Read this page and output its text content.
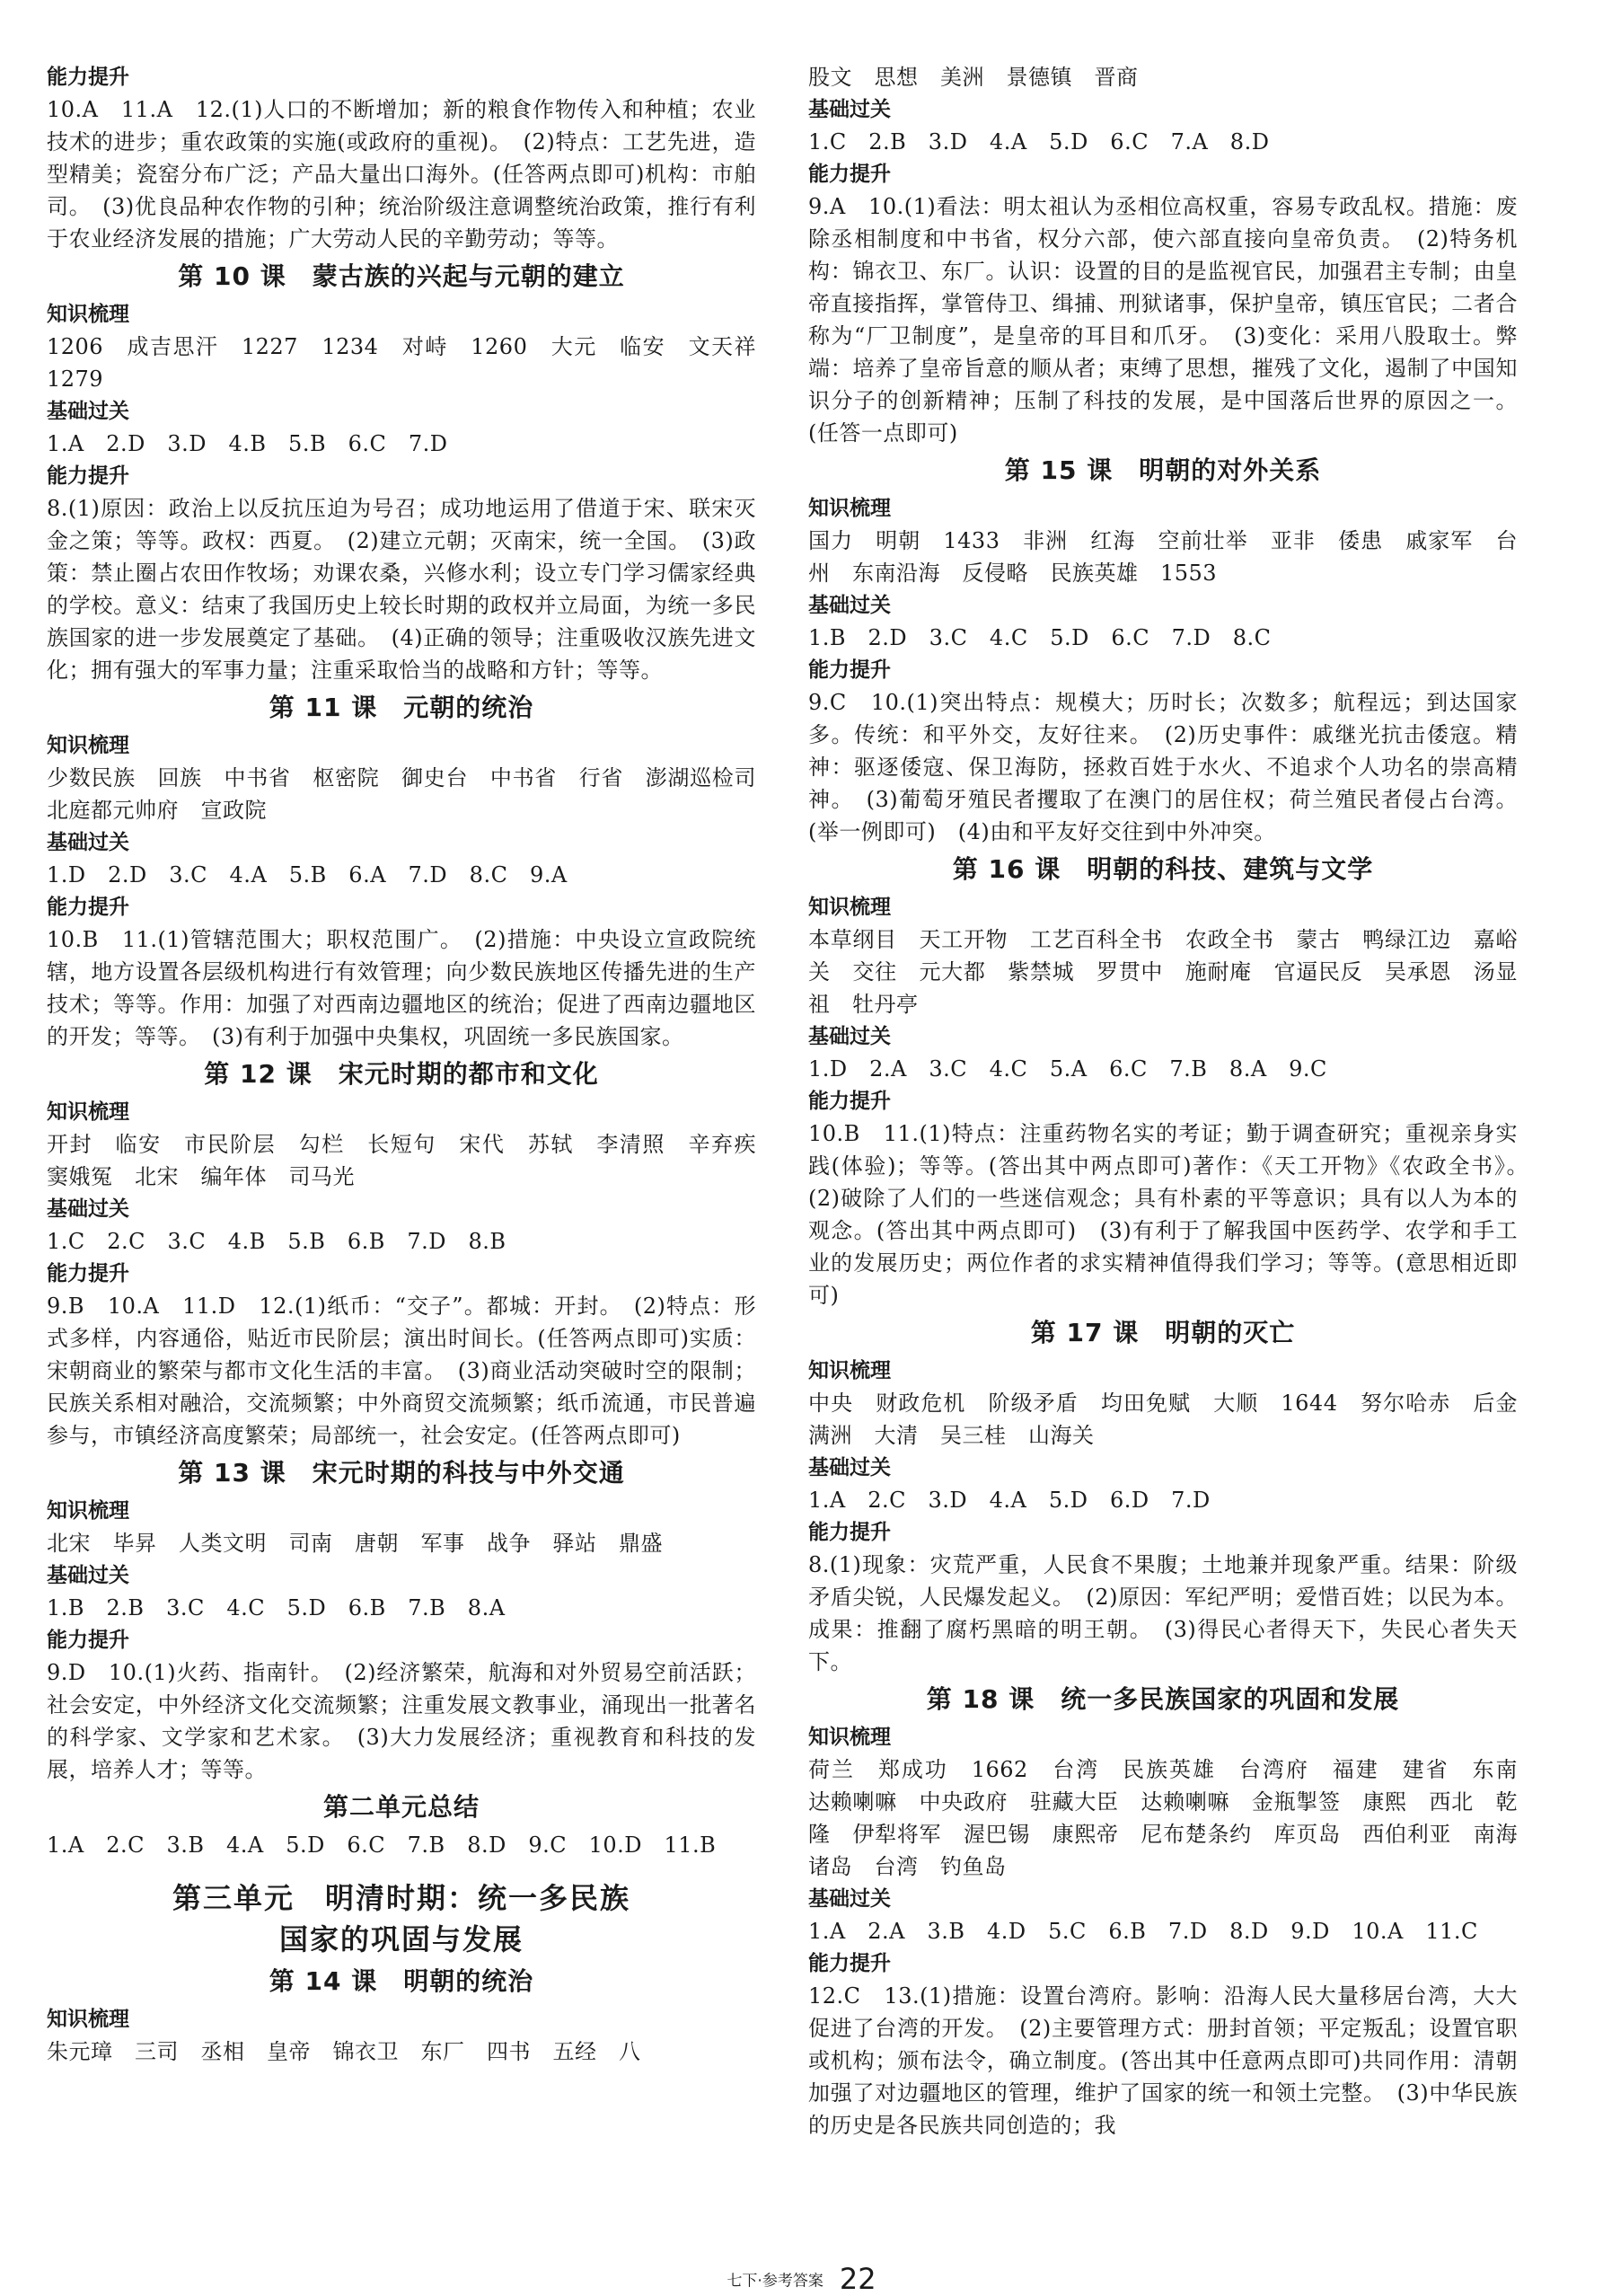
能力提升
10.A　11.A　12.(1)人口的不断增加；新的粮食作物传入和种植；农业技术的进步；重农政策的实施(或政府的重视)。　(2)特点：工艺先进，造型精美；瓷窑分布广泛；产品大量出口海外。(任答两点即可)机构：市舶司。　(3)优良品种农作物的引种；统治阶级注意调整统治政策，推行有利于农业经济发展的措施；广大劳动人民的辛勤劳动；等等。
第 10 课　蒙古族的兴起与元朝的建立
知识梳理
1206　成吉思汗　1227　1234　对峙　1260　大元　临安　文天祥　1279
基础过关
1.A　2.D　3.D　4.B　5.B　6.C　7.D
能力提升
8.(1)原因：政治上以反抗压迫为号召；成功地运用了借道于宋、联宋灭金之策；等等。政权：西夏。　(2)建立元朝；灭南宋，统一全国。　(3)政策：禁止圈占农田作牧场；劝课农桑，兴修水利；设立专门学习儒家经典的学校。意义：结束了我国历史上较长时期的政权并立局面，为统一多民族国家的进一步发展奠定了基础。　(4)正确的领导；注重吸收汉族先进文化；拥有强大的军事力量；注重采取恰当的战略和方针；等等。
第 11 课　元朝的统治
知识梳理
少数民族　回族　中书省　枢密院　御史台　中书省　行省　澎湖巡检司　北庭都元帅府　宣政院
基础过关
1.D　2.D　3.C　4.A　5.B　6.A　7.D　8.C　9.A
能力提升
10.B　11.(1)管辖范围大；职权范围广。　(2)措施：中央设立宣政院统辖，地方设置各层级机构进行有效管理；向少数民族地区传播先进的生产技术；等等。作用：加强了对西南边疆地区的统治；促进了西南边疆地区的开发；等等。　(3)有利于加强中央集权，巩固统一多民族国家。
第 12 课　宋元时期的都市和文化
知识梳理
开封　临安　市民阶层　勾栏　长短句　宋代　苏轼　李清照　辛弃疾　窦娥冤　北宋　编年体　司马光
基础过关
1.C　2.C　3.C　4.B　5.B　6.B　7.D　8.B
能力提升
9.B　10.A　11.D　12.(1)纸币：“交子”。都城：开封。　(2)特点：形式多样，内容通俗，贴近市民阶层；演出时间长。(任答两点即可)实质：宋朝商业的繁荣与都市文化生活的丰富。　(3)商业活动突破时空的限制；民族关系相对融洽，交流频繁；中外商贸交流频繁；纸币流通，市民普遍参与，市镇经济高度繁荣；局部统一，社会安定。(任答两点即可)
第 13 课　宋元时期的科技与中外交通
知识梳理
北宋　毕昇　人类文明　司南　唐朝　军事　战争　驿站　鼎盛
基础过关
1.B　2.B　3.C　4.C　5.D　6.B　7.B　8.A
能力提升
9.D　10.(1)火药、指南针。　(2)经济繁荣，航海和对外贸易空前活跃；社会安定，中外经济文化交流频繁；注重发展文教事业，涌现出一批著名的科学家、文学家和艺术家。　(3)大力发展经济；重视教育和科技的发展，培养人才；等等。
第二单元总结
1.A　2.C　3.B　4.A　5.D　6.C　7.B　8.D　9.C　10.D　11.B
第三单元　明清时期：统一多民族
国家的巩固与发展
第 14 课　明朝的统治
知识梳理
朱元璋　三司　丞相　皇帝　锦衣卫　东厂　四书　五经　八
股文　思想　美洲　景德镇　晋商
基础过关
1.C　2.B　3.D　4.A　5.D　6.C　7.A　8.D
能力提升
9.A　10.(1)看法：明太祖认为丞相位高权重，容易专政乱权。措施：废除丞相制度和中书省，权分六部，使六部直接向皇帝负责。　(2)特务机构：锦衣卫、东厂。认识：设置的目的是监视官民，加强君主专制；由皇帝直接指挥，掌管侍卫、缉捕、刑狱诸事，保护皇帝，镇压官民；二者合称为“厂卫制度”，是皇帝的耳目和爪牙。　(3)变化：采用八股取士。弊端：培养了皇帝旨意的顺从者；束缚了思想，摧残了文化，遏制了中国知识分子的创新精神；压制了科技的发展，是中国落后世界的原因之一。(任答一点即可)
第 15 课　明朝的对外关系
知识梳理
国力　明朝　1433　非洲　红海　空前壮举　亚非　倭患　戚家军　台州　东南沿海　反侵略　民族英雄　1553
基础过关
1.B　2.D　3.C　4.C　5.D　6.C　7.D　8.C
能力提升
9.C　10.(1)突出特点：规模大；历时长；次数多；航程远；到达国家多。传统：和平外交，友好往来。　(2)历史事件：戚继光抗击倭寇。精神：驱逐倭寇、保卫海防，拯救百姓于水火、不追求个人功名的崇高精神。　(3)葡萄牙殖民者攫取了在澳门的居住权；荷兰殖民者侵占台湾。(举一例即可)　(4)由和平友好交往到中外冲突。
第 16 课　明朝的科技、建筑与文学
知识梳理
本草纲目　天工开物　工艺百科全书　农政全书　蒙古　鸭绿江边　嘉峪关　交往　元大都　紫禁城　罗贯中　施耐庵　官逼民反　吴承恩　汤显祖　牡丹亭
基础过关
1.D　2.A　3.C　4.C　5.A　6.C　7.B　8.A　9.C
能力提升
10.B　11.(1)特点：注重药物名实的考证；勤于调查研究；重视亲身实践(体验)；等等。(答出其中两点即可)著作：《天工开物》《农政全书》。　(2)破除了人们的一些迷信观念；具有朴素的平等意识；具有以人为本的观念。(答出其中两点即可)　(3)有利于了解我国中医药学、农学和手工业的发展历史；两位作者的求实精神值得我们学习；等等。(意思相近即可)
第 17 课　明朝的灭亡
知识梳理
中央　财政危机　阶级矛盾　均田免赋　大顺　1644　努尔哈赤　后金　满洲　大清　吴三桂　山海关
基础过关
1.A　2.C　3.D　4.A　5.D　6.D　7.D
能力提升
8.(1)现象：灾荒严重，人民食不果腹；土地兼并现象严重。结果：阶级矛盾尖锐，人民爆发起义。　(2)原因：军纪严明；爱惜百姓；以民为本。成果：推翻了腐朽黑暗的明王朝。　(3)得民心者得天下，失民心者失天下。
第 18 课　统一多民族国家的巩固和发展
知识梳理
荷兰　郑成功　1662　台湾　民族英雄　台湾府　福建　建省　东南　达赖喇嘛　中央政府　驻藏大臣　达赖喇嘛　金瓶掣签　康熙　西北　乾隆　伊犁将军　渥巴锡　康熙帝　尼布楚条约　库页岛　西伯利亚　南海诸岛　台湾　钓鱼岛
基础过关
1.A　2.A　3.B　4.D　5.C　6.B　7.D　8.D　9.D　10.A　11.C
能力提升
12.C　13.(1)措施：设置台湾府。影响：沿海人民大量移居台湾，大大促进了台湾的开发。　(2)主要管理方式：册封首领；平定叛乱；设置官职或机构；颁布法令，确立制度。(答出其中任意两点即可)共同作用：清朝加强了对边疆地区的管理，维护了国家的统一和领土完整。　(3)中华民族的历史是各民族共同创造的；我
七下·参考答案 22
